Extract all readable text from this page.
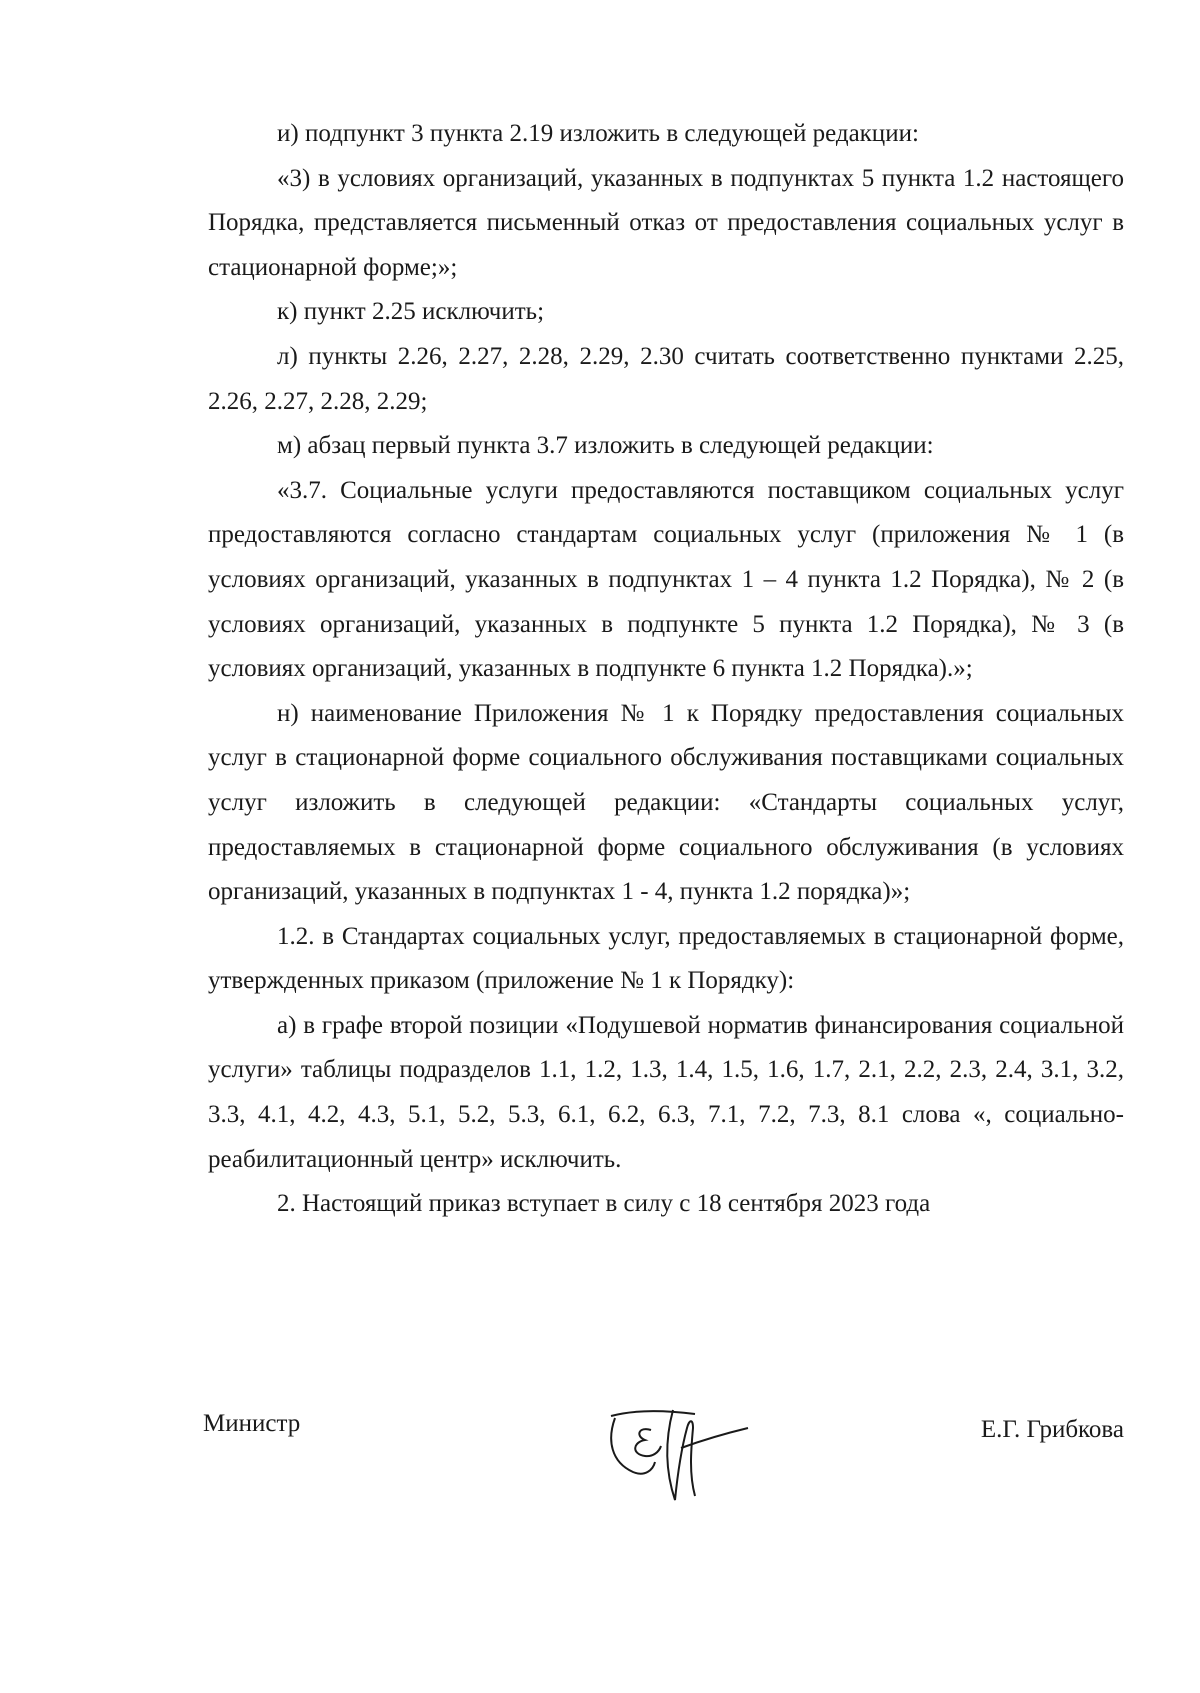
и) подпункт 3 пункта 2.19 изложить в следующей редакции:

«3) в условиях организаций, указанных в подпунктах 5 пункта 1.2 настоящего Порядка, представляется письменный отказ от предоставления социальных услуг в стационарной форме;»;

к) пункт 2.25 исключить;

л) пункты 2.26, 2.27, 2.28, 2.29, 2.30 считать соответственно пунктами 2.25, 2.26, 2.27, 2.28, 2.29;

м) абзац первый пункта 3.7 изложить в следующей редакции:

«3.7. Социальные услуги предоставляются поставщиком социальных услуг предоставляются согласно стандартам социальных услуг (приложения № 1 (в условиях организаций, указанных в подпунктах 1 – 4 пункта 1.2 Порядка), № 2 (в условиях организаций, указанных в подпункте 5 пункта 1.2 Порядка), № 3 (в условиях организаций, указанных в подпункте 6 пункта 1.2 Порядка).»;

н) наименование Приложения № 1 к Порядку предоставления социальных услуг в стационарной форме социального обслуживания поставщиками социальных услуг изложить в следующей редакции: «Стандарты социальных услуг, предоставляемых в стационарной форме социального обслуживания (в условиях организаций, указанных в подпунктах 1 - 4, пункта 1.2 порядка)»;

1.2. в Стандартах социальных услуг, предоставляемых в стационарной форме, утвержденных приказом (приложение № 1 к Порядку):

а) в графе второй позиции «Подушевой норматив финансирования социальной услуги» таблицы подразделов 1.1, 1.2, 1.3, 1.4, 1.5, 1.6, 1.7, 2.1, 2.2, 2.3, 2.4, 3.1, 3.2, 3.3, 4.1, 4.2, 4.3, 5.1, 5.2, 5.3, 6.1, 6.2, 6.3, 7.1, 7.2, 7.3, 8.1 слова «, социально-реабилитационный центр» исключить.

2. Настоящий приказ вступает в силу с 18 сентября 2023 года

Министр	Е.Г. Грибкова
